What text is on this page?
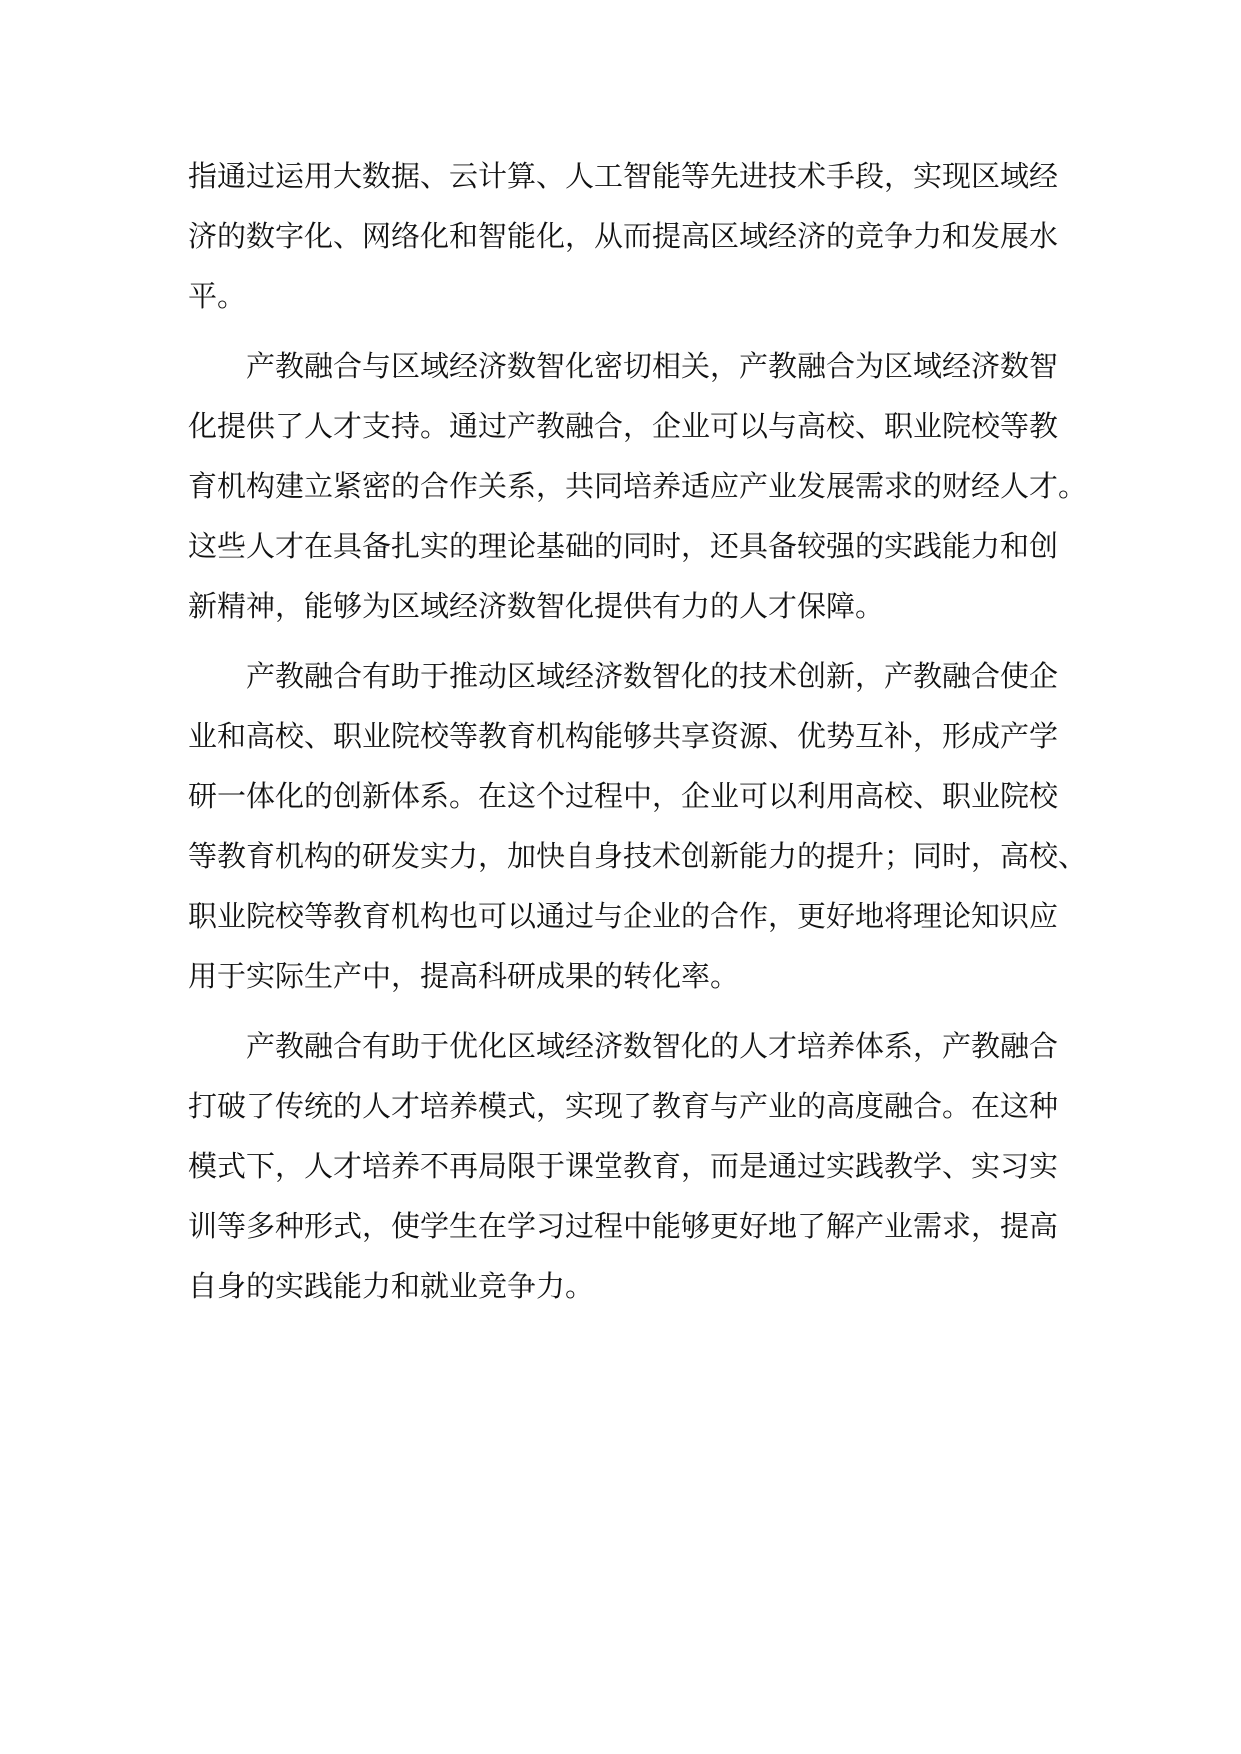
指通过运用大数据、云计算、人工智能等先进技术手段，实现区域经
济的数字化、网络化和智能化，从而提高区域经济的竞争力和发展水
平。
产教融合与区域经济数智化密切相关，产教融合为区域经济数智
化提供了人才支持。通过产教融合，企业可以与高校、职业院校等教
育机构建立紧密的合作关系，共同培养适应产业发展需求的财经人才。
这些人才在具备扎实的理论基础的同时，还具备较强的实践能力和创
新精神，能够为区域经济数智化提供有力的人才保障。
产教融合有助于推动区域经济数智化的技术创新，产教融合使企
业和高校、职业院校等教育机构能够共享资源、优势互补，形成产学
研一体化的创新体系。在这个过程中，企业可以利用高校、职业院校
等教育机构的研发实力，加快自身技术创新能力的提升；同时，高校、
职业院校等教育机构也可以通过与企业的合作，更好地将理论知识应
用于实际生产中，提高科研成果的转化率。
产教融合有助于优化区域经济数智化的人才培养体系，产教融合
打破了传统的人才培养模式，实现了教育与产业的高度融合。在这种
模式下，人才培养不再局限于课堂教育，而是通过实践教学、实习实
训等多种形式，使学生在学习过程中能够更好地了解产业需求，提高
自身的实践能力和就业竞争力。
